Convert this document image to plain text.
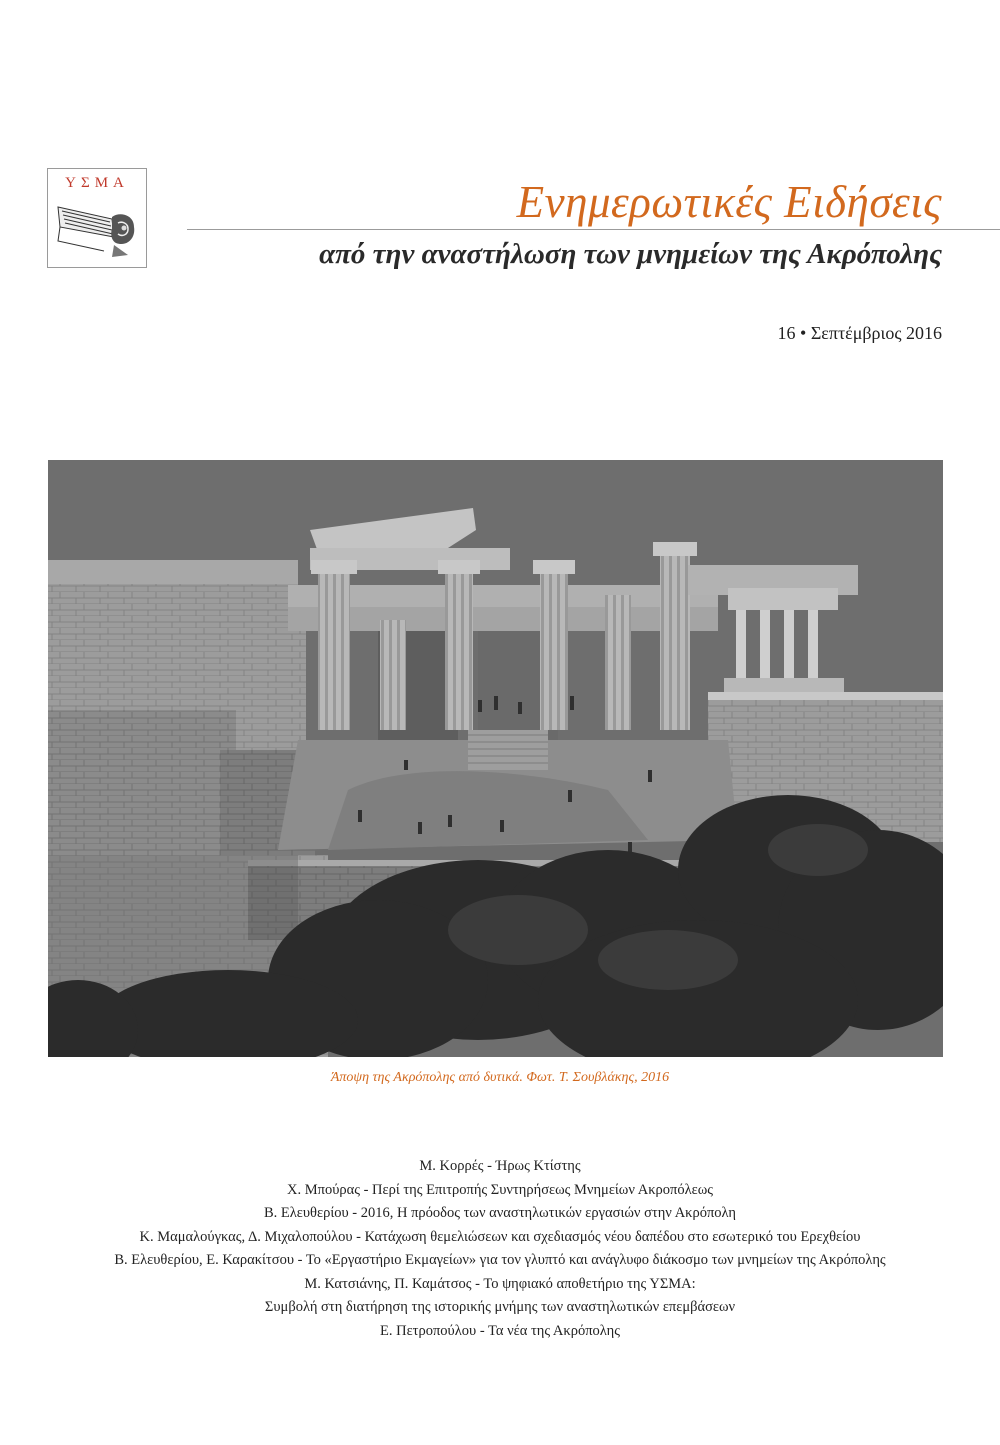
ΥΣΜΑ	Ενημερωτικές Ειδήσεις
από την αναστήλωση των μνημείων της Ακρόπολης
16 • Σεπτέμβριος 2016
Άποψη της Ακρόπολης από δυτικά. Φωτ. Τ. Σουβλάκης, 2016
Μ. Κορρές - Ήρως Κτίστης
Χ. Μπούρας - Περί της Επιτροπής Συντηρήσεως Μνημείων Ακροπόλεως
Β. Ελευθερίου - 2016, Η πρόοδος των αναστηλωτικών εργασιών στην Ακρόπολη
Κ. Μαμαλούγκας, Δ. Μιχαλοπούλου - Κατάχωση θεμελιώσεων και σχεδιασμός νέου δαπέδου στο εσωτερικό του Ερεχθείου
Β. Ελευθερίου, Ε. Καρακίτσου - Το «Εργαστήριο Εκμαγείων» για τον γλυπτό και ανάγλυφο διάκοσμο των μνημείων της Ακρόπολης
Μ. Κατσιάνης, Π. Καμάτσος - Το ψηφιακό αποθετήριο της ΥΣΜΑ:
Συμβολή στη διατήρηση της ιστορικής μνήμης των αναστηλωτικών επεμβάσεων
Ε. Πετροπούλου - Τα νέα της Ακρόπολης
